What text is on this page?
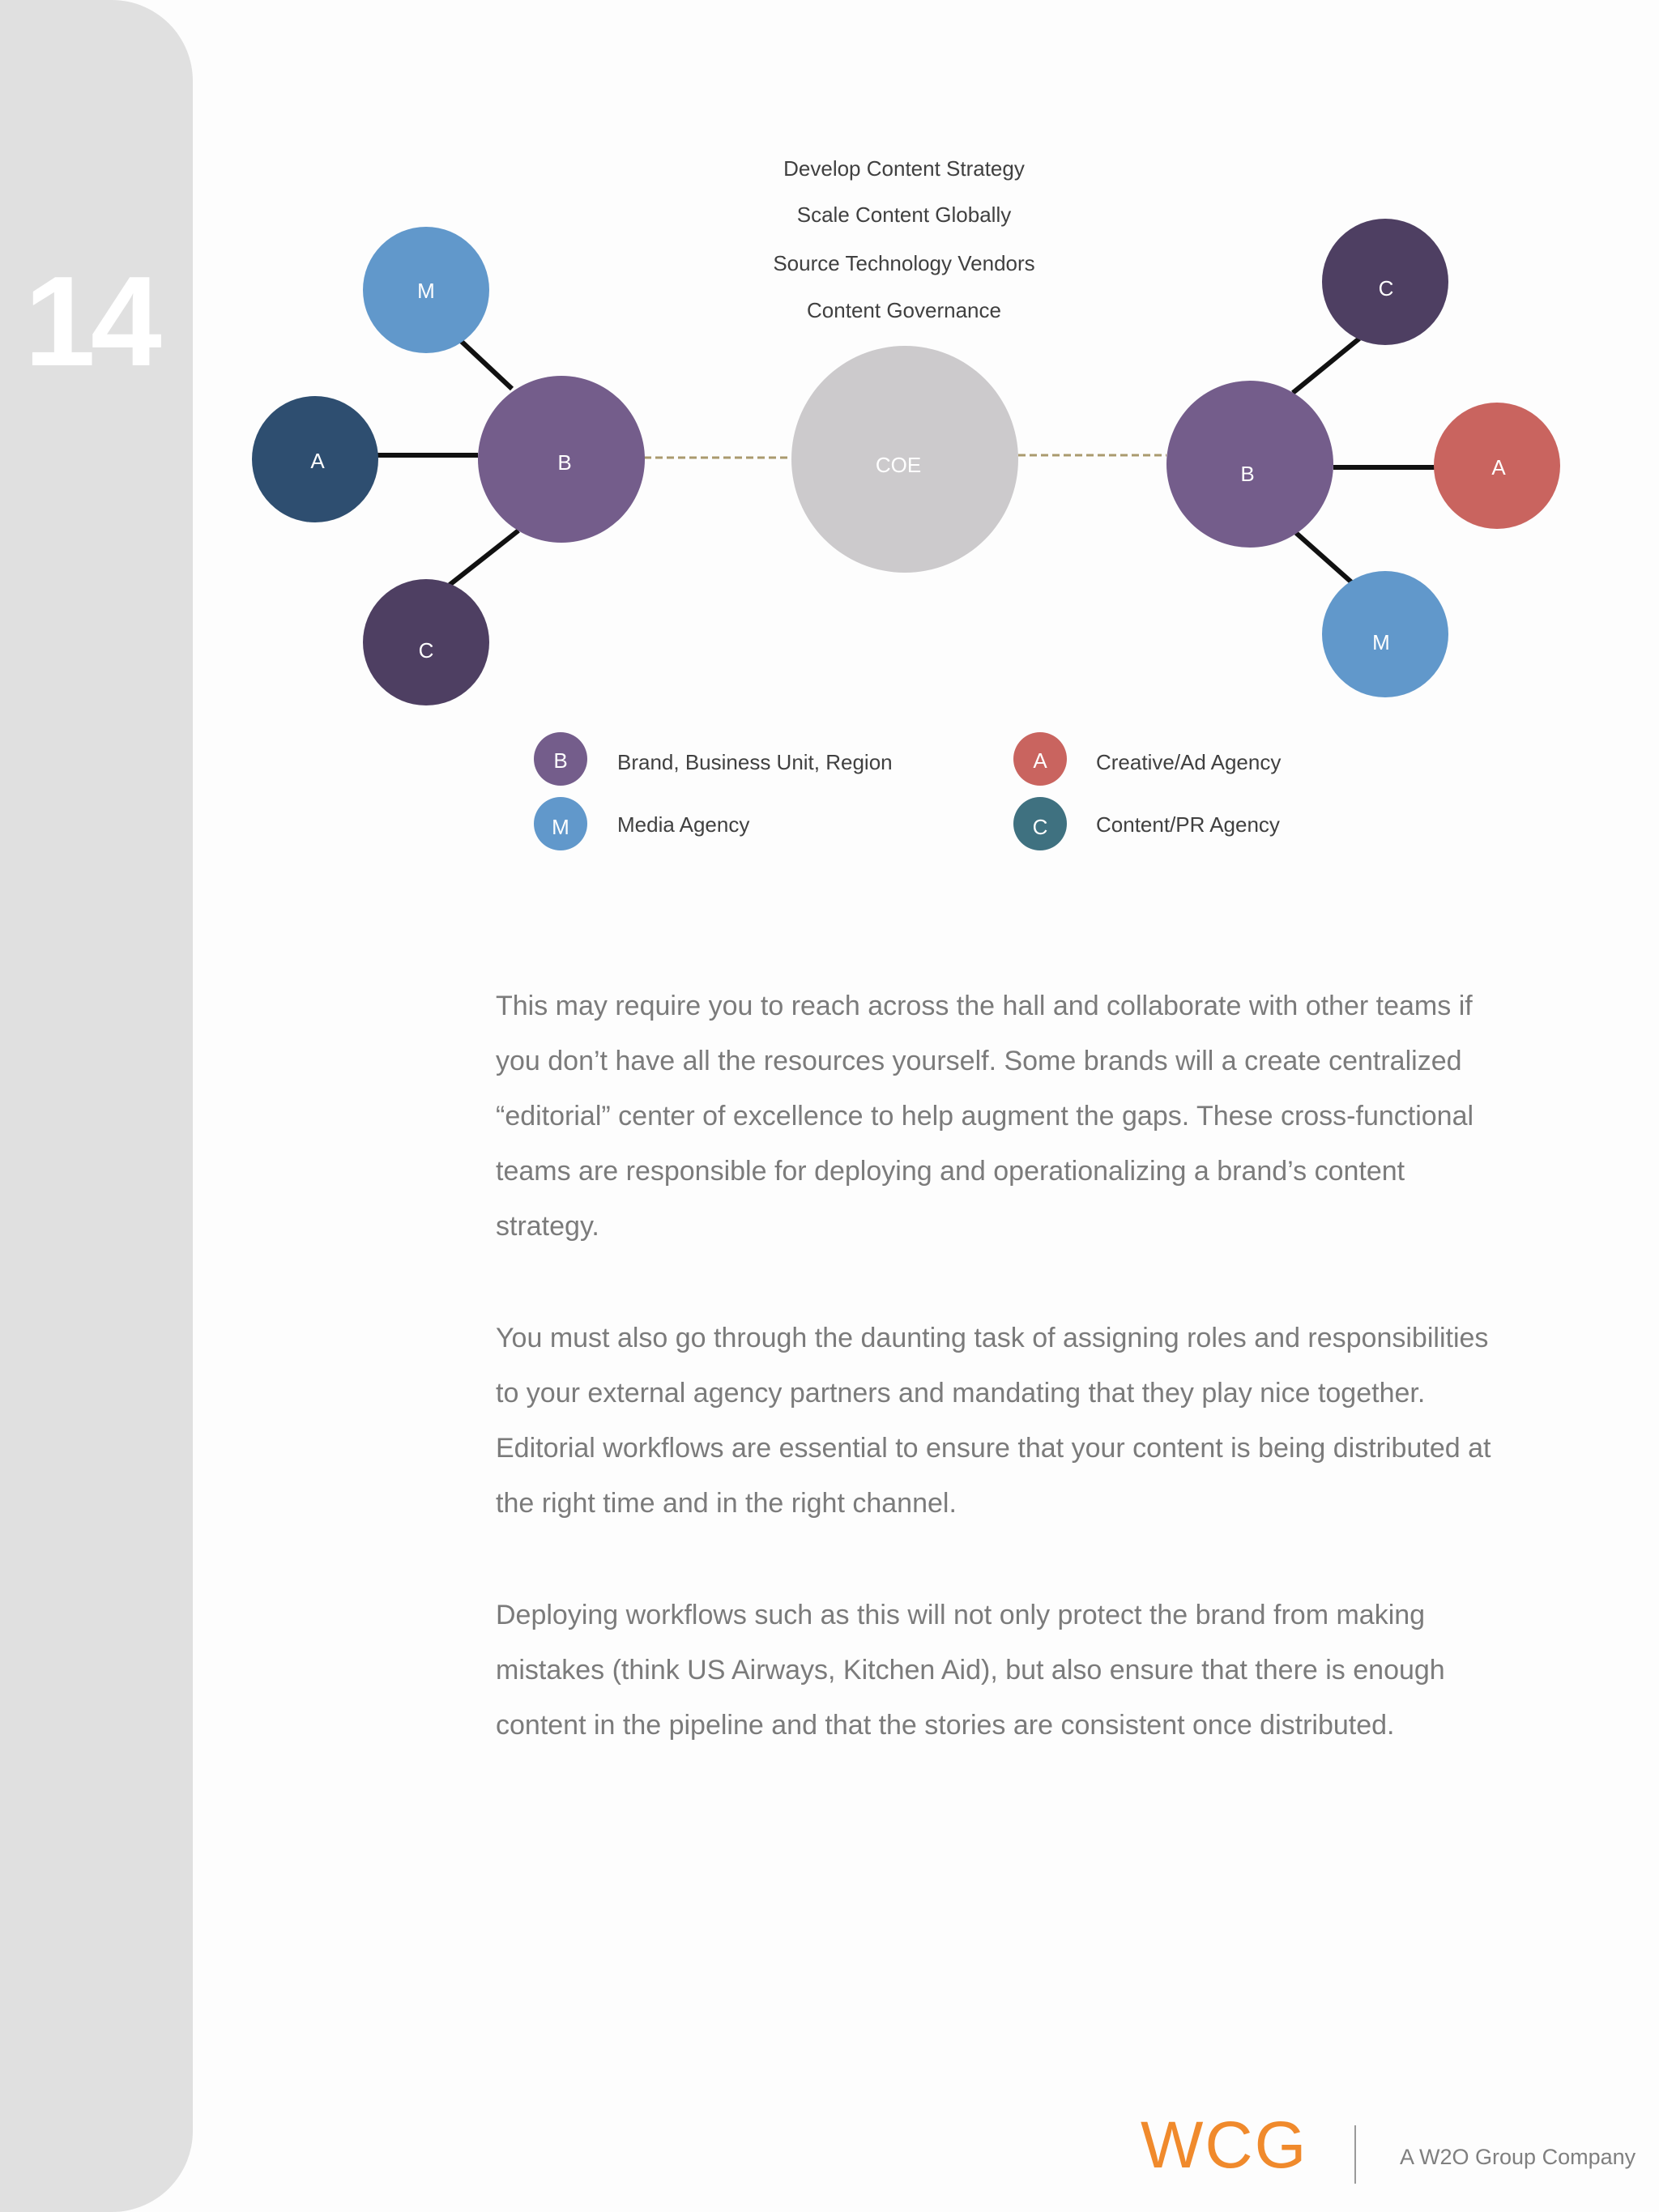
14
Develop Content Strategy
Scale Content Globally
Source Technology Vendors
Content Governance
M
A
C
B	COE
C
A
M
B
B	A
M	C
Brand, Business Unit, Region	Creative/Ad Agency
Media Agency	Content/PR Agency

This may require you to reach across the hall and collaborate with other teams if you don’t have all the resources yourself. Some brands will a create centralized “editorial” center of excellence to help augment the gaps. These cross-functional teams are responsible for deploying and operationalizing a brand’s content strategy.

You must also go through the daunting task of assigning roles and responsibilities to your external agency partners and mandating that they play nice together. Editorial workflows are essential to ensure that your content is being distributed at the right time and in the right channel.

Deploying workflows such as this will not only protect the brand from making mistakes (think US Airways, Kitchen Aid), but also ensure that there is enough content in the pipeline and that the stories are consistent once distributed.

WCG	A W2O Group Company
